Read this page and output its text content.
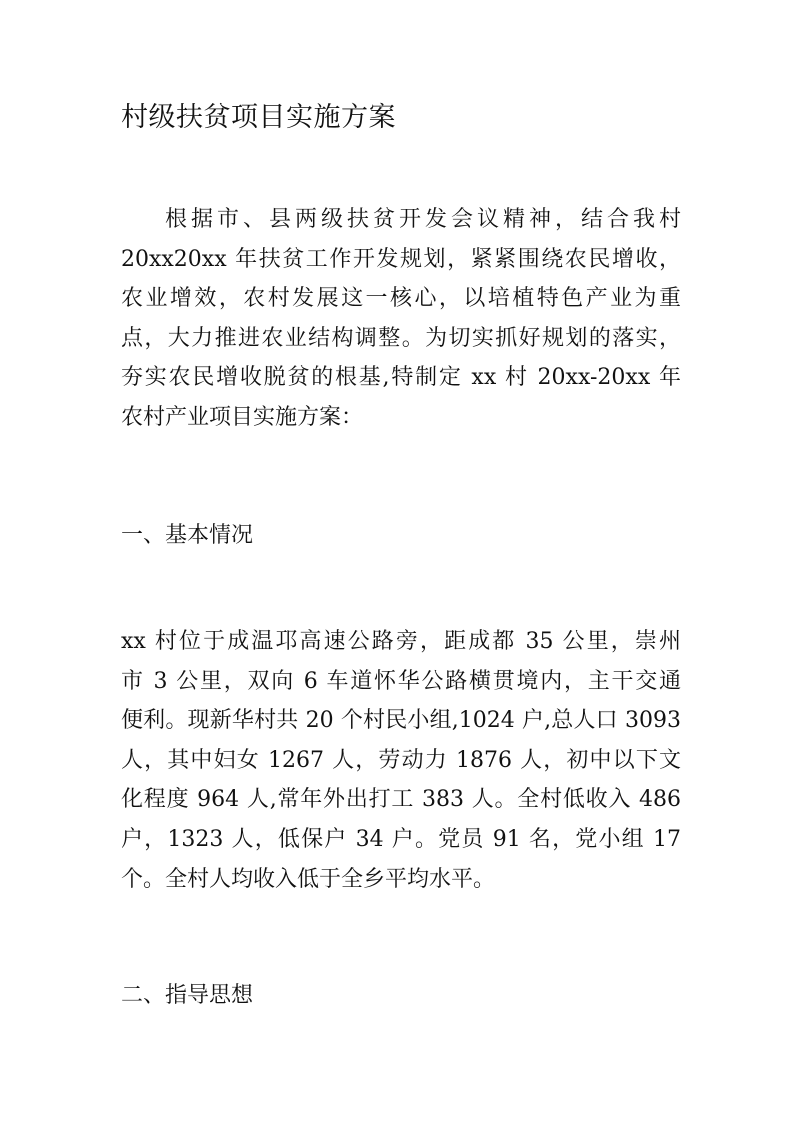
村级扶贫项目实施方案
根据市、县两级扶贫开发会议精神，结合我村
20xx20xx 年扶贫工作开发规划，紧紧围绕农民增收，
农业增效，农村发展这一核心，以培植特色产业为重
点，大力推进农业结构调整。为切实抓好规划的落实，
夯实农民增收脱贫的根基,特制定 xx 村 20xx-20xx 年
农村产业项目实施方案：
一、基本情况
xx 村位于成温邛高速公路旁，距成都 35 公里，崇州
市 3 公里，双向 6 车道怀华公路横贯境内，主干交通
便利。现新华村共 20 个村民小组,1024 户,总人口 3093
人，其中妇女 1267 人，劳动力 1876 人，初中以下文
化程度 964 人,常年外出打工 383 人。全村低收入 486
户，1323 人，低保户 34 户。党员 91 名，党小组 17
个。全村人均收入低于全乡平均水平。
二、指导思想
